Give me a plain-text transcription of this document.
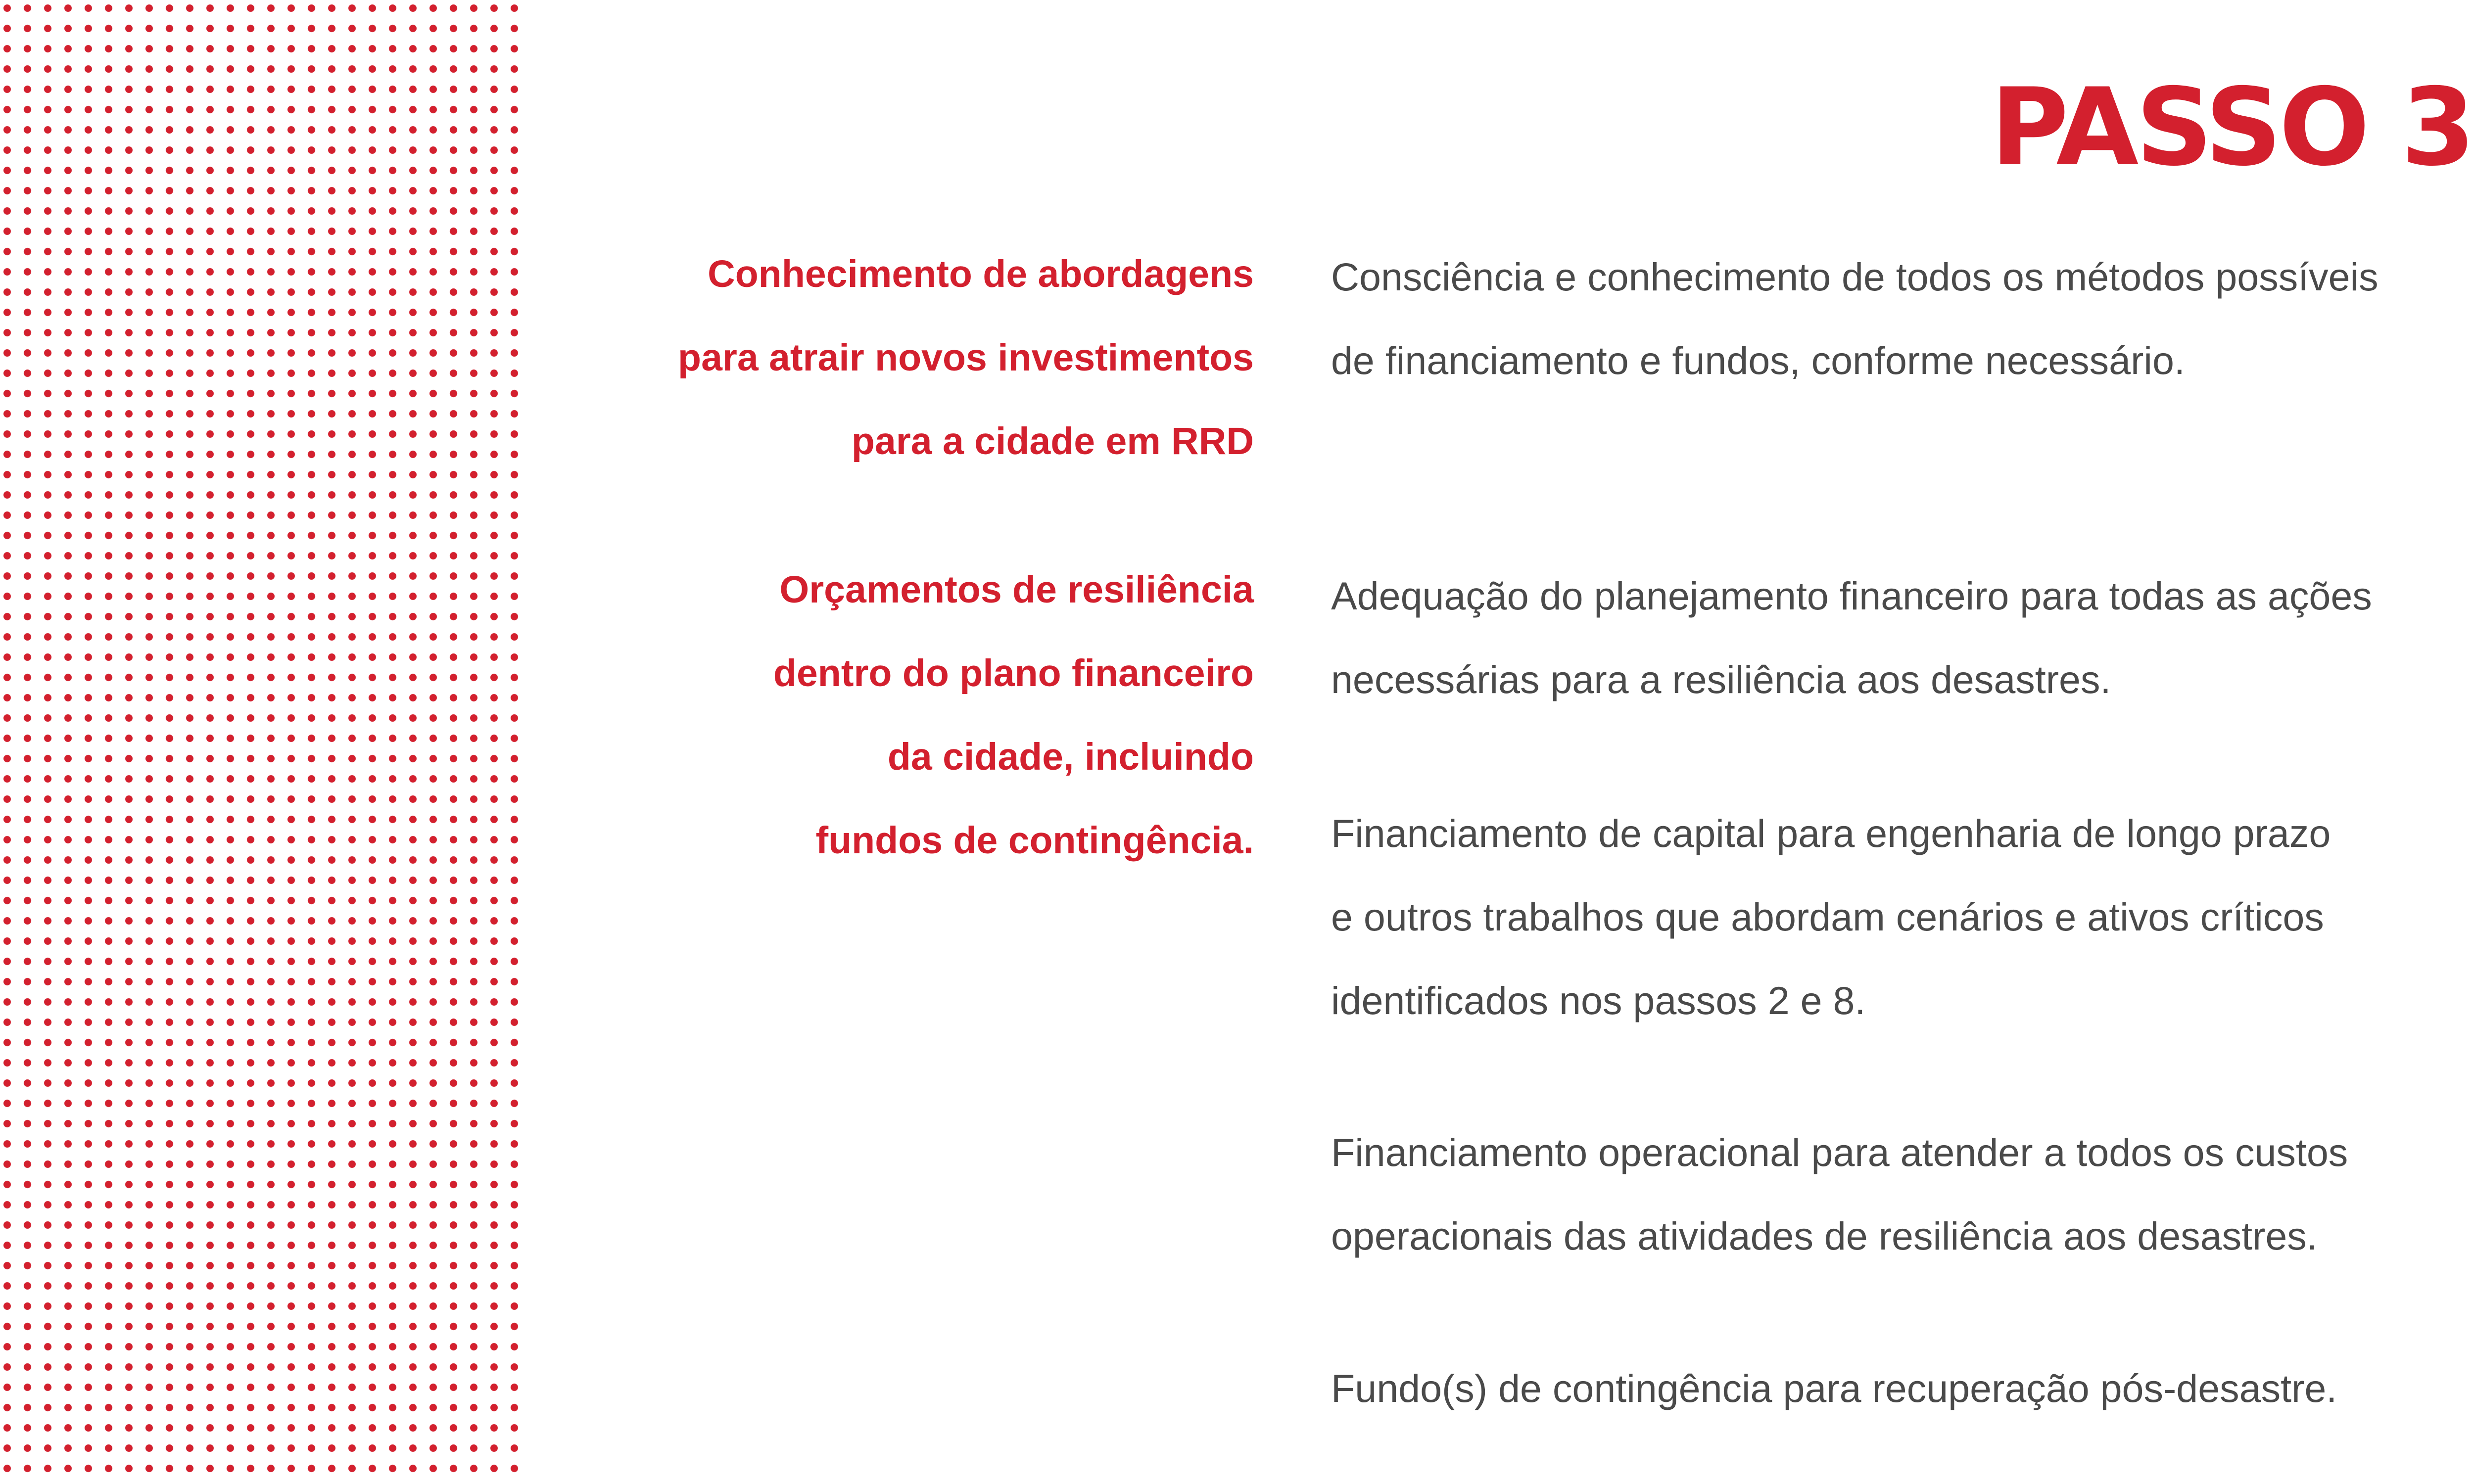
PASSO 3
Conhecimento de abordagens
para atrair novos investimentos
para a cidade em RRD
Orçamentos de resiliência
dentro do plano financeiro
da cidade, incluindo
fundos de contingência.
Consciência e conhecimento de todos os métodos possíveis
de financiamento e fundos, conforme necessário.
Adequação do planejamento financeiro para todas as ações
necessárias para a resiliência aos desastres.
Financiamento de capital para engenharia de longo prazo
e outros trabalhos que abordam cenários e ativos críticos
identificados nos passos 2 e 8.
Financiamento operacional para atender a todos os custos
operacionais das atividades de resiliência aos desastres.
Fundo(s) de contingência para recuperação pós-desastre.
